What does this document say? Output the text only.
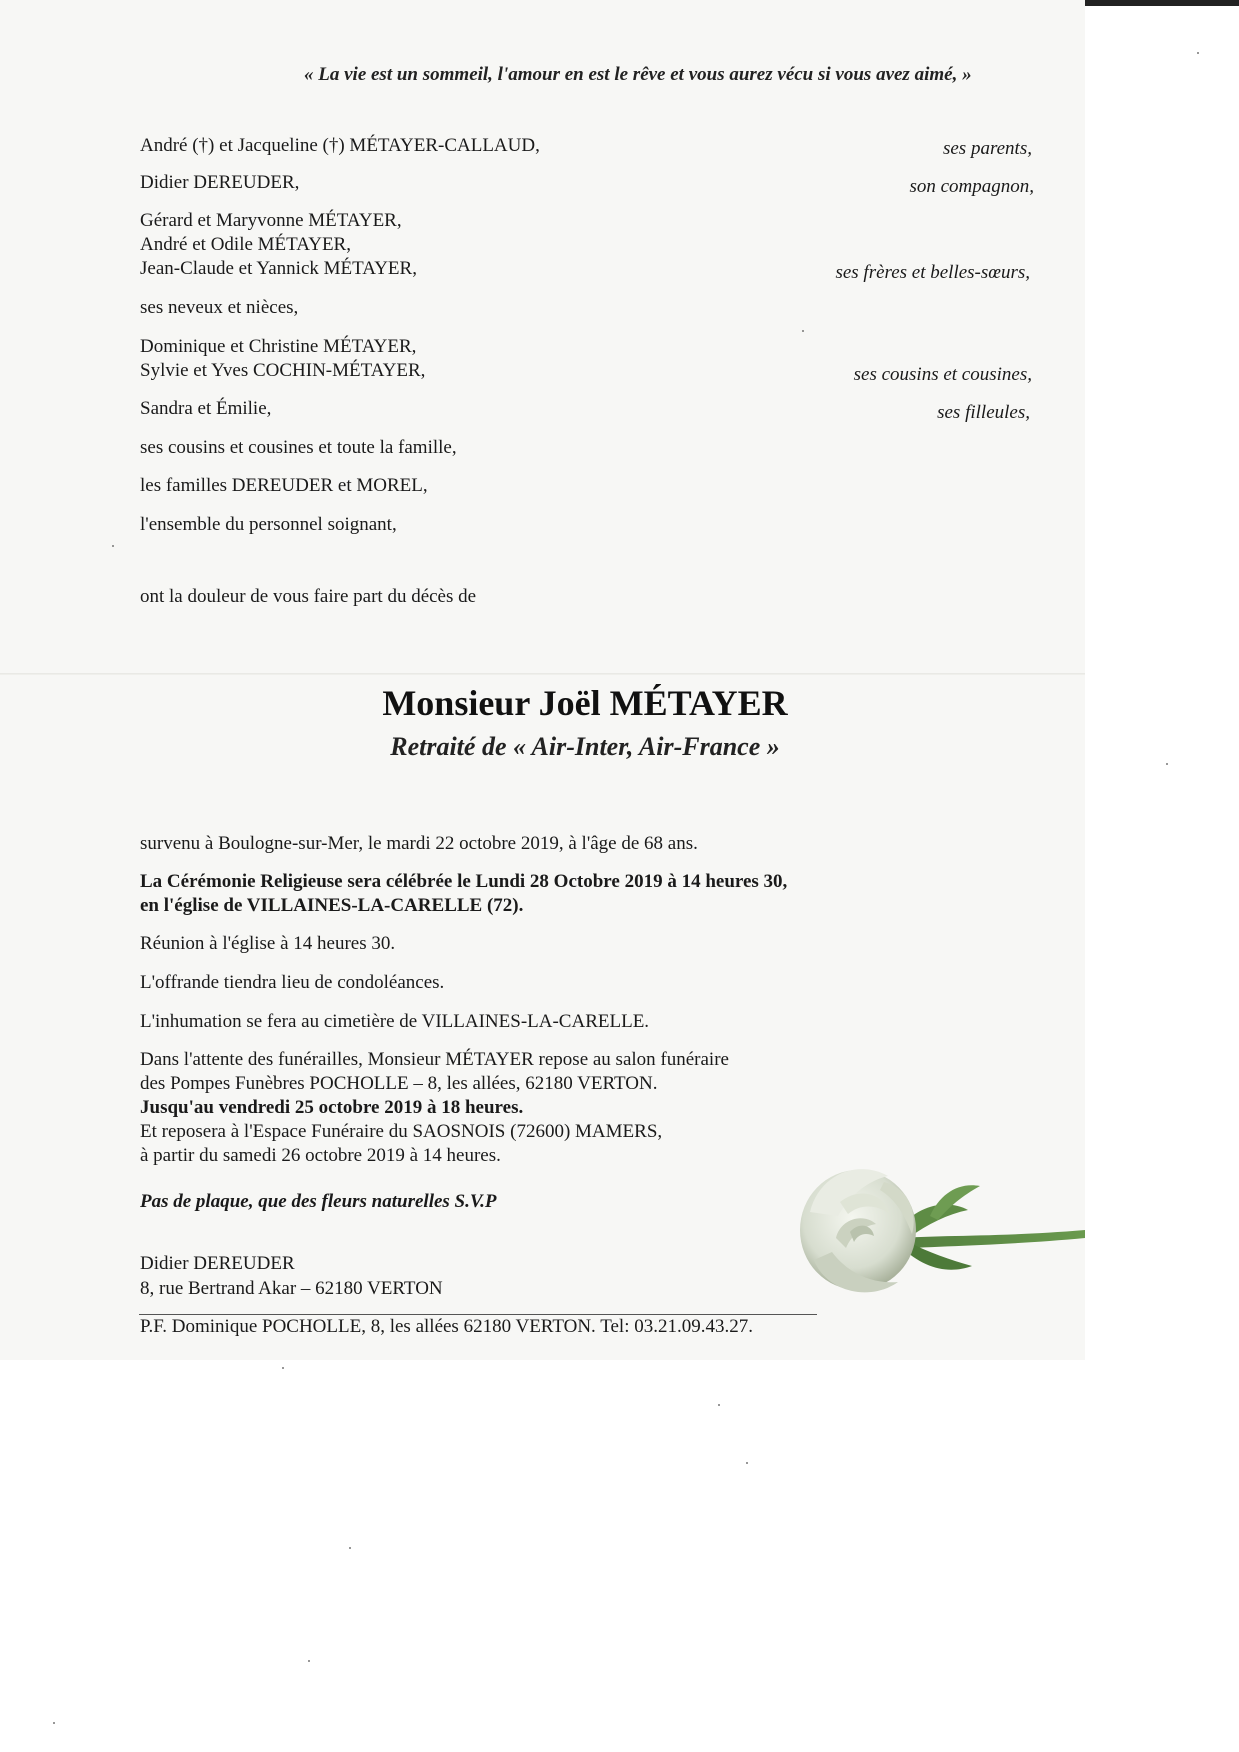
« La vie est un sommeil, l'amour en est le rêve et vous aurez vécu si vous avez aimé, »
André (†) et Jacqueline (†) MÉTAYER-CALLAUD,
Didier DEREUDER,
Gérard et Maryvonne MÉTAYER,
André et Odile MÉTAYER,
Jean-Claude et Yannick MÉTAYER,
ses neveux et nièces,
Dominique et Christine MÉTAYER,
Sylvie et Yves COCHIN-MÉTAYER,
Sandra et Émilie,
ses cousins et cousines et toute la famille,
les familles DEREUDER et MOREL,
l'ensemble du personnel soignant,
ses parents,
son compagnon,
ses frères et belles-sœurs,
ses cousins et cousines,
ses filleules,
ont la douleur de vous faire part du décès de
Monsieur Joël MÉTAYER
Retraité de « Air-Inter, Air-France »
survenu à Boulogne-sur-Mer, le mardi 22 octobre 2019, à l'âge de 68 ans.
La Cérémonie Religieuse sera célébrée le Lundi 28 Octobre 2019 à 14 heures 30,
en l'église de VILLAINES-LA-CARELLE (72).
Réunion à l'église à 14 heures 30.
L'offrande tiendra lieu de condoléances.
L'inhumation se fera au cimetière de VILLAINES-LA-CARELLE.
Dans l'attente des funérailles, Monsieur MÉTAYER repose au salon funéraire
des Pompes Funèbres POCHOLLE – 8, les allées, 62180 VERTON.
Jusqu'au vendredi 25 octobre 2019 à 18 heures.
Et reposera à l'Espace Funéraire du SAOSNOIS (72600) MAMERS,
à partir du samedi 26 octobre 2019 à 14 heures.
Pas de plaque, que des fleurs naturelles S.V.P
Didier DEREUDER
8, rue Bertrand Akar – 62180 VERTON
P.F. Dominique POCHOLLE, 8, les allées 62180 VERTON. Tel: 03.21.09.43.27.
